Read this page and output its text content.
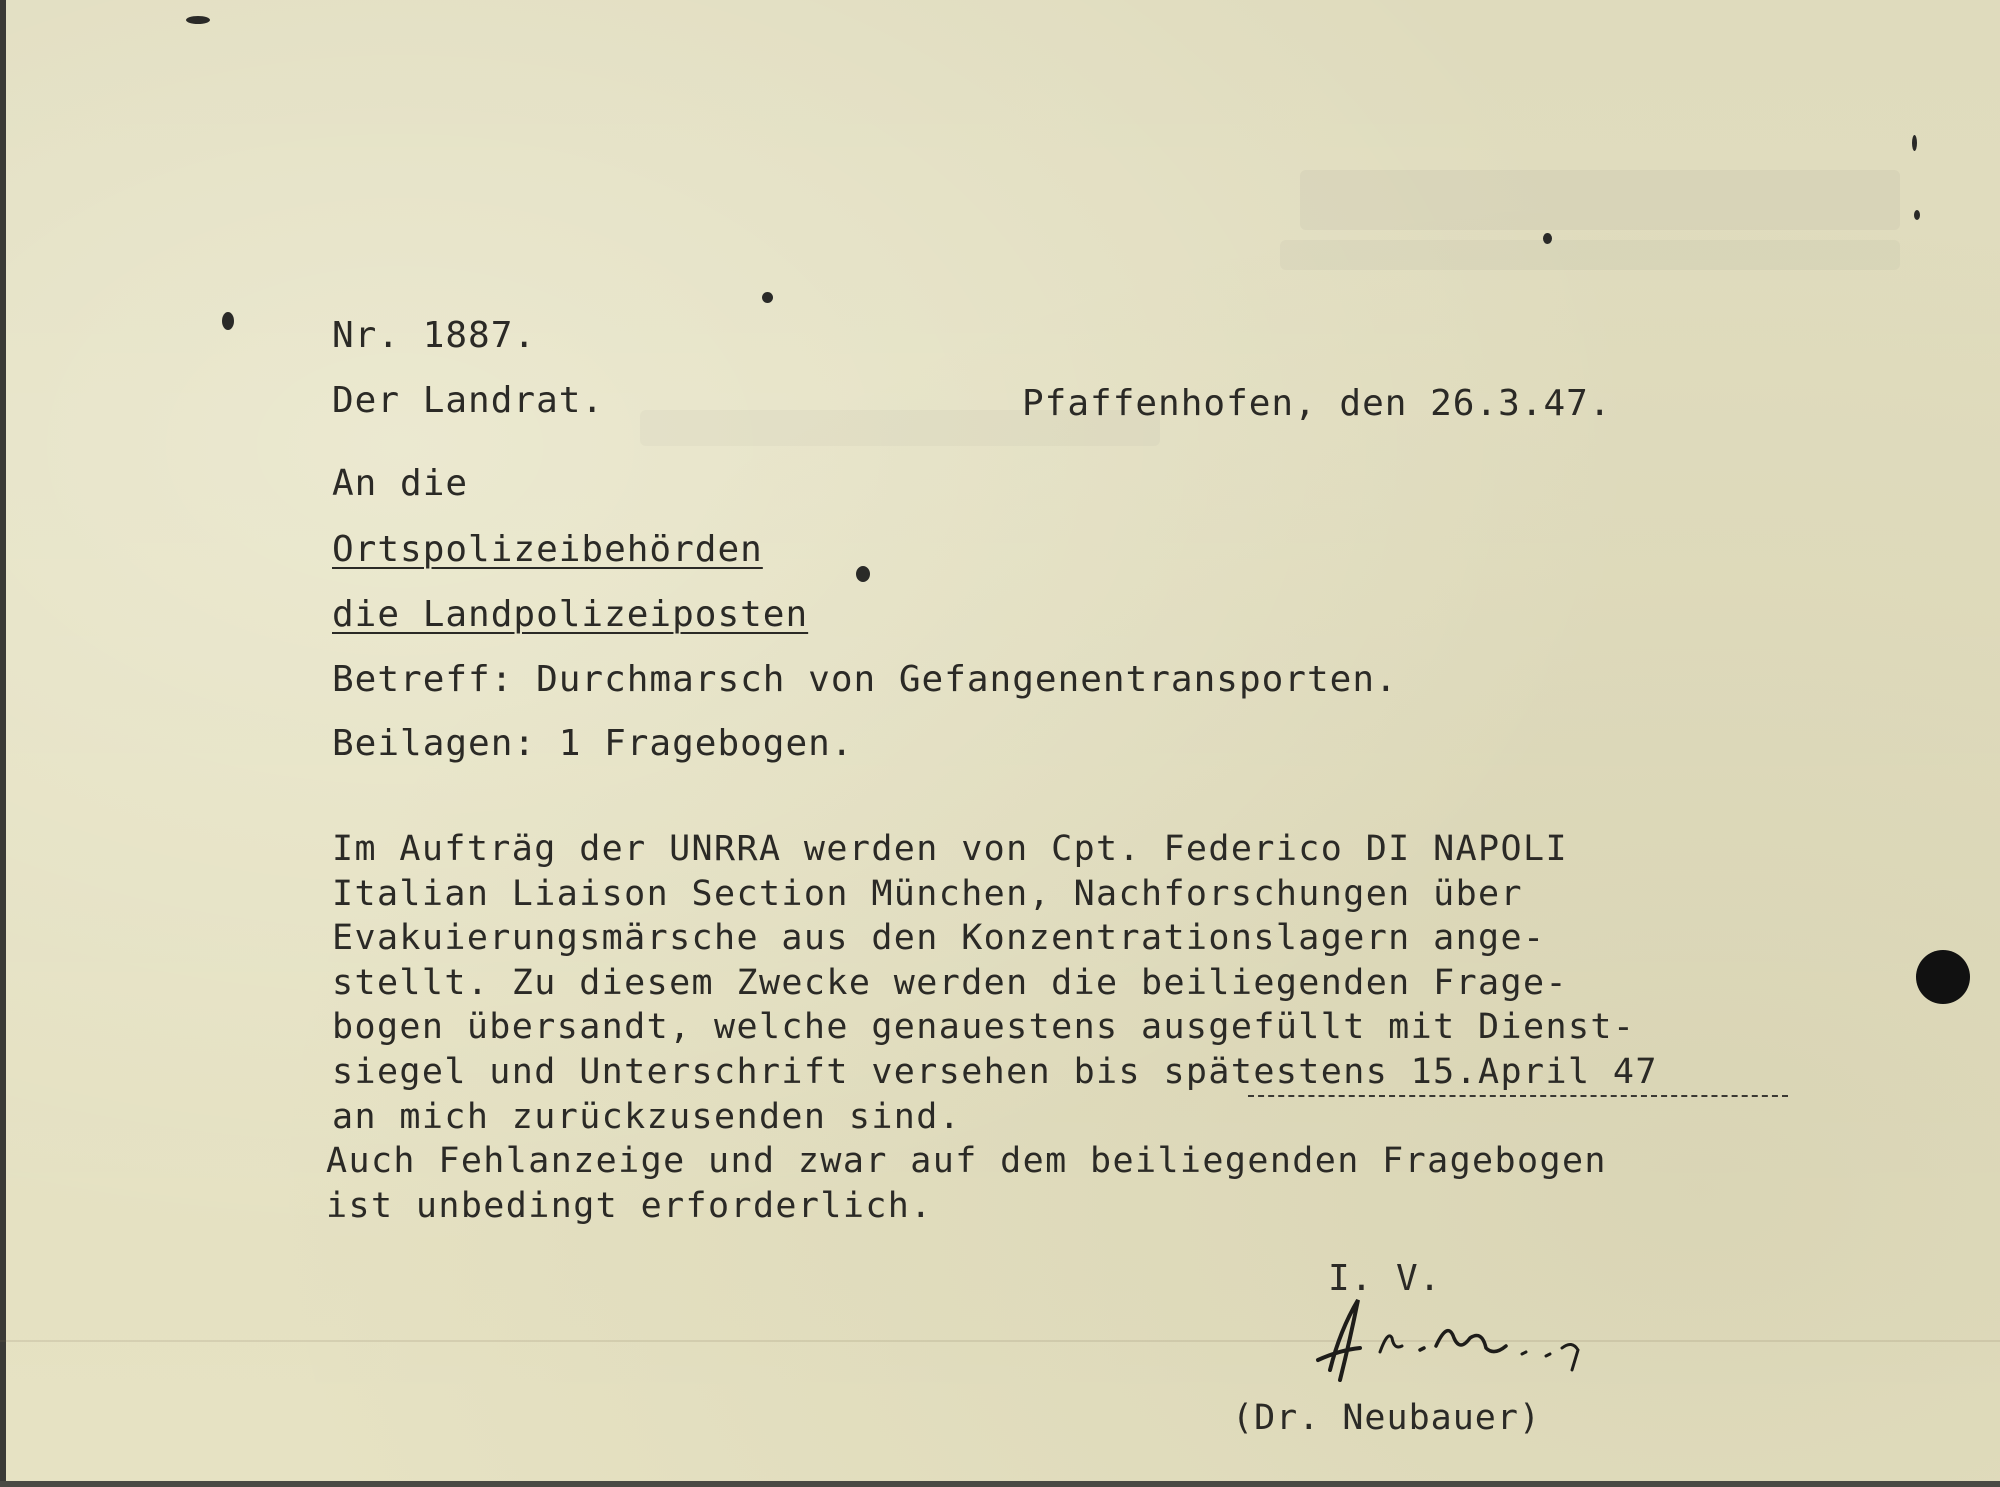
Nr. 1887.
Der Landrat.	Pfaffenhofen, den 26.3.47.
An die
Ortspolizeibehörden
die Landpolizeiposten
Betreff: Durchmarsch von Gefangenentransporten.
Beilagen: 1 Fragebogen.
Im Aufträg der UNRRA werden von Cpt. Federico DI NAPOLI
Italian Liaison Section München, Nachforschungen über
Evakuierungsmärsche aus den Konzentrationslagern ange-
stellt. Zu diesem Zwecke werden die beiliegenden Frage-
bogen übersandt, welche genauestens ausgefüllt mit Dienst-
siegel und Unterschrift versehen bis spätestens 15.April 47
an mich zurückzusenden sind.
Auch Fehlanzeige und zwar auf dem beiliegenden Fragebogen
ist unbedingt erforderlich.
I. V.
(Dr. Neubauer)
